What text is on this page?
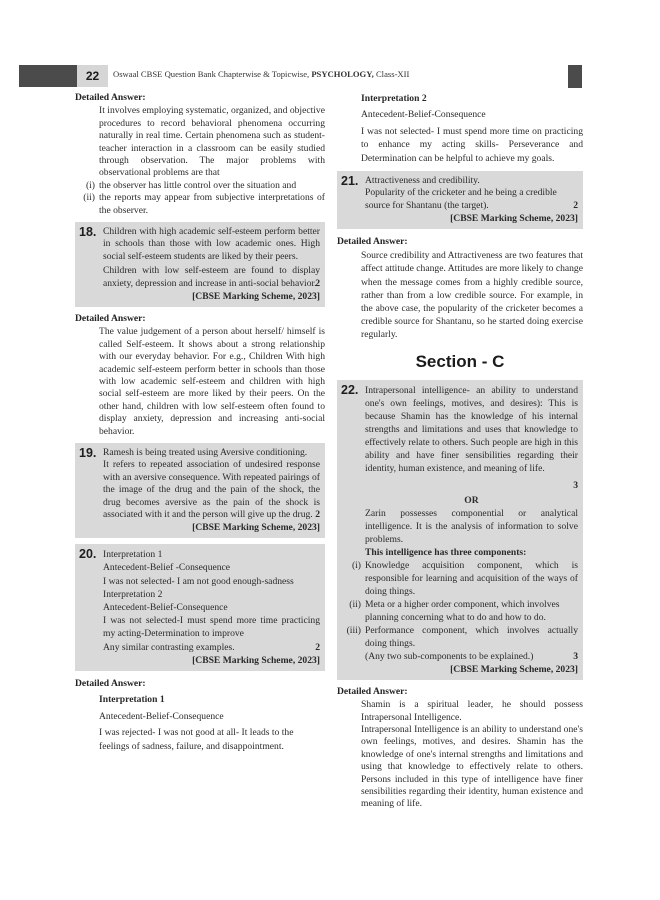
22	Oswaal CBSE Question Bank Chapterwise & Topicwise, PSYCHOLOGY, Class-XII
Detailed Answer:

It involves employing systematic, organized, and objective procedures to record behavioral phenomena occurring naturally in real time. Certain phenomena such as student-teacher interaction in a classroom can be easily studied through observation. The major problems with observational problems are that

(i) the observer has little control over the situation and
(ii) the reports may appear from subjective interpretations of the observer.
18. Children with high academic self-esteem perform better in schools than those with low academic ones. High social self-esteem students are liked by their peers.

Children with low self-esteem are found to display anxiety, depression and increase in anti-social behavior.

2
[CBSE Marking Scheme, 2023]
Detailed Answer:

The value judgement of a person about herself/ himself is called Self-esteem. It shows about a strong relationship with our everyday behavior. For e.g., Children With high academic self-esteem perform better in schools than those with low academic self-esteem and children with high social self-esteem are more liked by their peers. On the other hand, children with low self-esteem often found to display anxiety, depression and increasing anti-social behavior.

19. Ramesh is being treated using Aversive conditioning.

It refers to repeated association of undesired response with an aversive consequence. With repeated pairings of the image of the drug and the pain of the shock, the drug becomes aversive as the pain of the shock is associated with it and the person will give up the drug. 2
[CBSE Marking Scheme, 2023]
20. Interpretation 1

Antecedent-Belief -Consequence

I was not selected- I am not good enough-sadness

Interpretation 2

Antecedent-Belief-Consequence

I was not selected-I must spend more time practicing my acting-Determination to improve

Any similar contrasting examples.	2
[CBSE Marking Scheme, 2023]
Detailed Answer:
Interpretation 1
Antecedent-Belief-Consequence

I was rejected- I was not good at all- It leads to the feelings of sadness, failure, and disappointment.

Interpretation 2
Antecedent-Belief-Consequence

I was not selected- I must spend more time on practicing to enhance my acting skills- Perseverance and Determination can be helpful to achieve my goals.

21. Attractiveness and credibility.

Popularity of the cricketer and he being a credible source for Shantanu (the target).	2
[CBSE Marking Scheme, 2023]
Detailed Answer:

Source credibility and Attractiveness are two features that affect attitude change. Attitudes are more likely to change when the message comes from a highly credible source, rather than from a low credible source. For example, in the above case, the popularity of the cricketer becomes a credible source for Shantanu, so he started doing exercise regularly.

Section - C
22. Intrapersonal intelligence- an ability to understand one's own feelings, motives, and desires): This is because Shamin has the knowledge of his internal strengths and limitations and uses that knowledge to effectively relate to others. Such people are high in this ability and have finer sensibilities regarding their identity, human existence, and meaning of life.

3
OR

Zarin possesses componential or analytical intelligence. It is the analysis of information to solve problems.

This intelligence has three components:

(i) Knowledge acquisition component, which is responsible for learning and acquisition of the ways of doing things.
(ii) Meta or a higher order component, which involves planning concerning what to do and how to do.
(iii) Performance component, which involves actually doing things.
(Any two sub-components to be explained.)	3
[CBSE Marking Scheme, 2023]
Detailed Answer:

Shamin is a spiritual leader, he should possess Intrapersonal Intelligence.

Intrapersonal Intelligence is an ability to understand one's own feelings, motives, and desires. Shamin has the knowledge of one's internal strengths and limitations and using that knowledge to effectively relate to others. Persons included in this type of intelligence have finer sensibilities regarding their identity, human existence and meaning of life.
